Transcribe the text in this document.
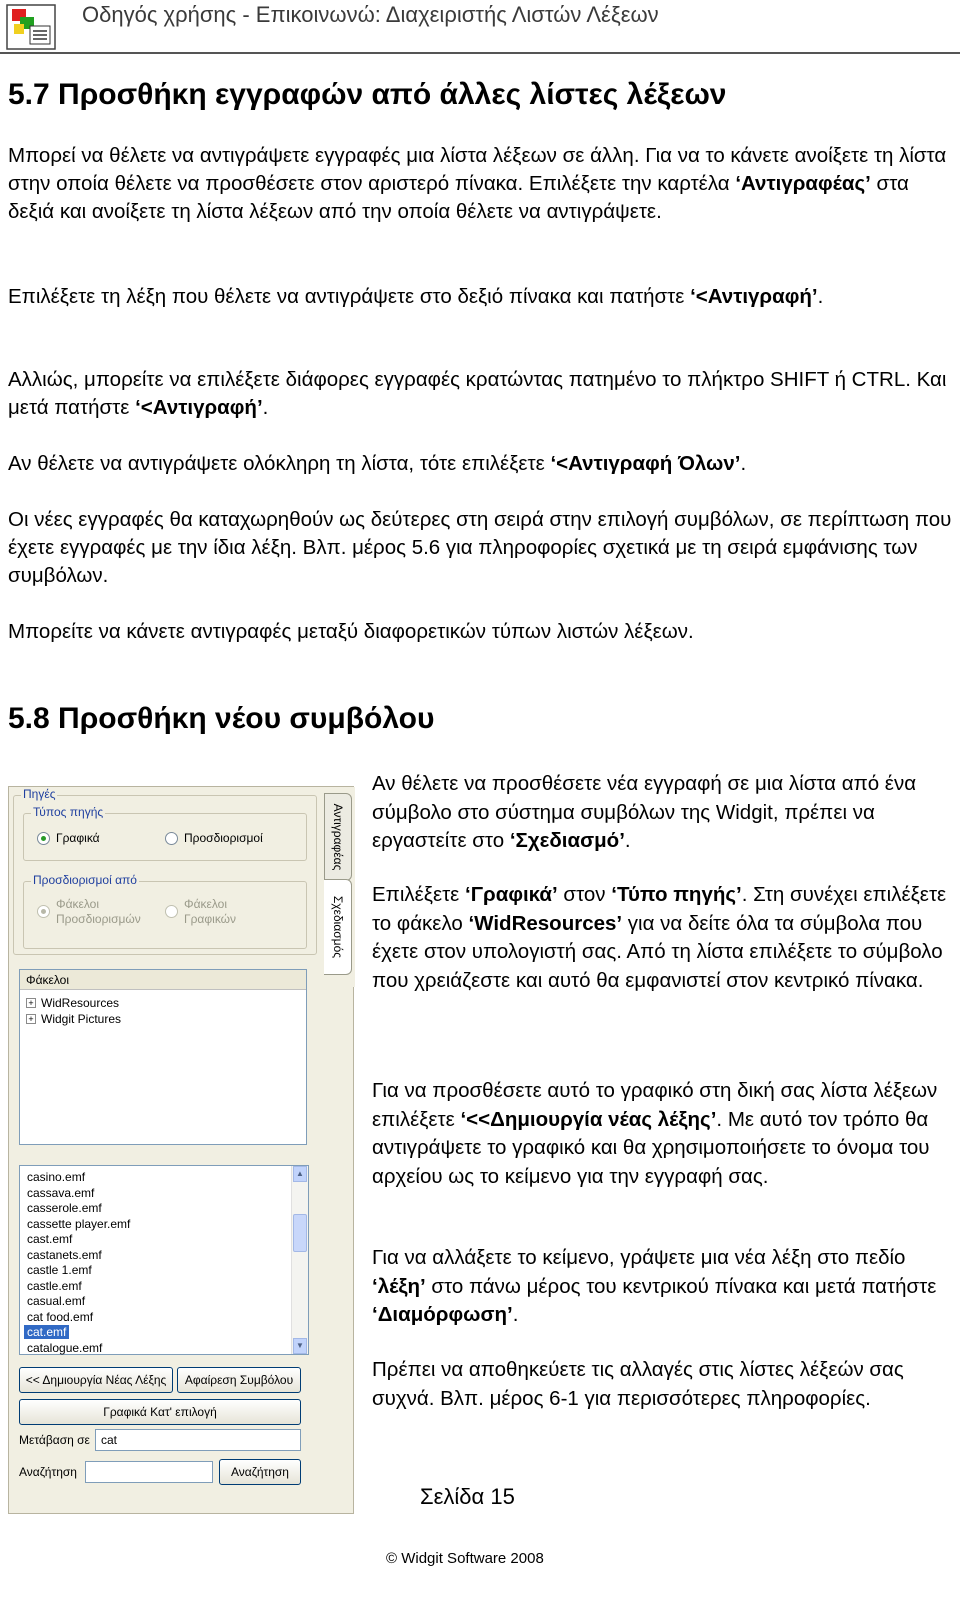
Οδηγός χρήσης - Επικοινωνώ: Διαχειριστής Λιστών Λέξεων
5.7 Προσθήκη εγγραφών από άλλες λίστες λέξεων
Μπορεί να θέλετε να αντιγράψετε εγγραφές μια λίστα λέξεων σε άλλη. Για να το κάνετε ανοίξετε τη λίστα στην οποία θέλετε να προσθέσετε στον αριστερό πίνακα. Επιλέξετε την καρτέλα ‘Αντιγραφέας’ στα δεξιά και ανοίξετε τη λίστα λέξεων από την οποία θέλετε να αντιγράψετε.
Επιλέξετε τη λέξη που θέλετε να αντιγράψετε στο δεξιό πίνακα και πατήστε ‘<Αντιγραφή’.
Αλλιώς, μπορείτε να επιλέξετε διάφορες εγγραφές κρατώντας πατημένο το πλήκτρο SHIFT ή CTRL. Και μετά πατήστε ‘<Αντιγραφή’.
Αν θέλετε να αντιγράψετε ολόκληρη τη λίστα, τότε επιλέξετε ‘<Αντιγραφή Όλων’.
Οι νέες εγγραφές θα καταχωρηθούν ως δεύτερες στη σειρά στην επιλογή συμβόλων, σε περίπτωση που έχετε εγγραφές με την ίδια λέξη. Βλπ. μέρος 5.6 για πληροφορίες σχετικά με τη σειρά εμφάνισης των συμβόλων.
Μπορείτε να κάνετε αντιγραφές μεταξύ διαφορετικών τύπων λιστών λέξεων.
5.8 Προσθήκη νέου συμβόλου
Πηγές
Τύπος πηγής
Γραφικά	Προσδιορισμοί
Προσδιορισμοί από
Φάκελοι Προσδιορισμών
Φάκελοι Γραφικών
Αντιγραφέας
Σχεδιασμός
Φάκελοι
+ WidResources
+ Widgit Pictures
casino.emf
cassava.emf
casserole.emf
cassette player.emf
cast.emf
castanets.emf
castle 1.emf
castle.emf
casual.emf
cat food.emf
cat.emf
catalogue.emf
▲
▼
<< Δημιουργία Νέας Λέξης	Αφαίρεση Συμβόλου
Γραφικά Κατ' επιλογή
Μετάβαση σε cat
Αναζήτηση	Αναζήτηση
Αν θέλετε να προσθέσετε νέα εγγραφή σε μια λίστα από ένα σύμβολο στο σύστημα συμβόλων της Widgit, πρέπει να εργαστείτε στο ‘Σχεδιασμό’.
Επιλέξετε ‘Γραφικά’ στον ‘Τύπο πηγής’. Στη συνέχει επιλέξετε το φάκελο ‘WidResources’ για να δείτε όλα τα σύμβολα που έχετε στον υπολογιστή σας. Από τη λίστα επιλέξετε το σύμβολο που χρειάζεστε και αυτό θα εμφανιστεί στον κεντρικό πίνακα.
Για να προσθέσετε αυτό το γραφικό στη δική σας λίστα λέξεων επιλέξετε ‘<<Δημιουργία νέας λέξης’. Με αυτό τον τρόπο θα αντιγράψετε το γραφικό και θα χρησιμοποιήσετε το όνομα του αρχείου ως το κείμενο για την εγγραφή σας.
Για να αλλάξετε το κείμενο, γράψετε μια νέα λέξη στο πεδίο ‘λέξη’ στο πάνω μέρος του κεντρικού πίνακα και μετά πατήστε ‘Διαμόρφωση’.
Πρέπει να αποθηκεύετε τις αλλαγές στις λίστες λέξεών σας συχνά. Βλπ. μέρος 6-1 για περισσότερες πληροφορίες.
Σελίδα 15
© Widgit Software 2008
